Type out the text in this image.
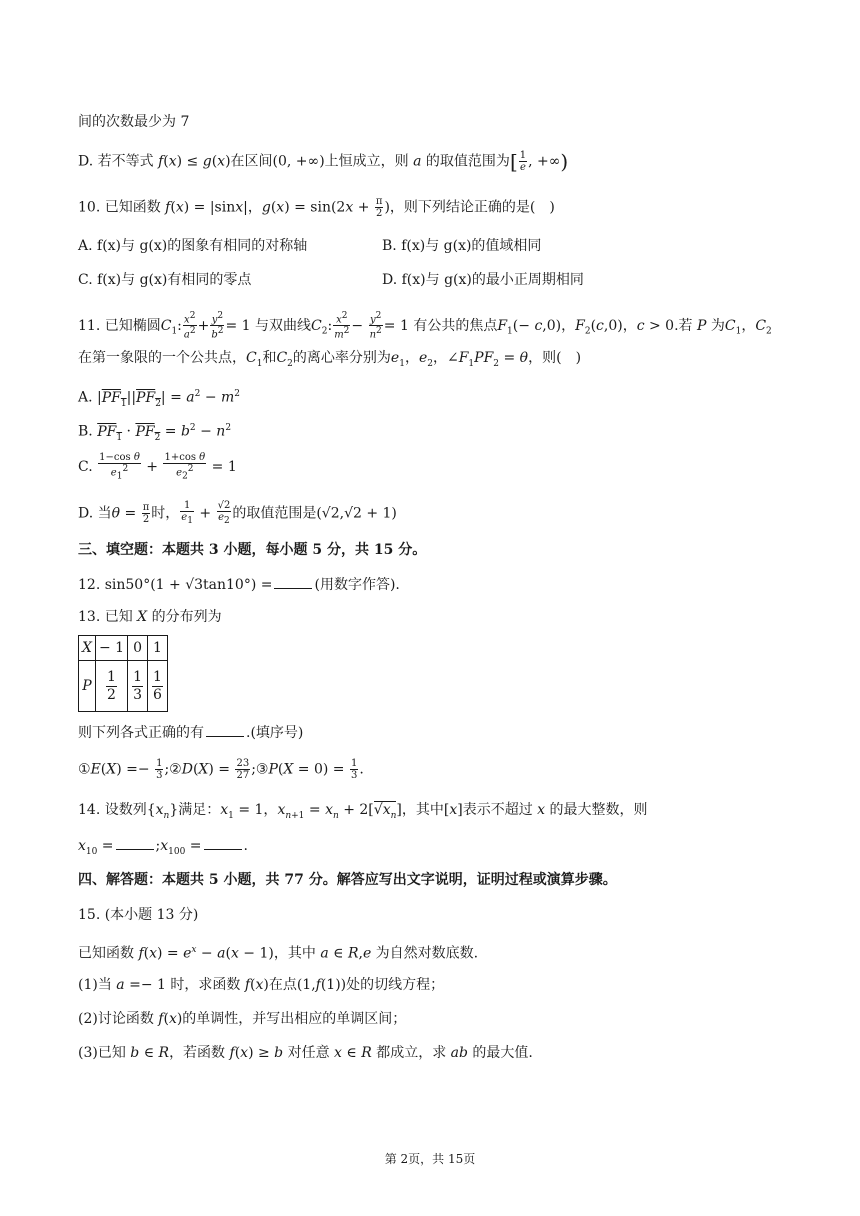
间的次数最少为 7
D. 若不等式 f(x) ≤ g(x)在区间(0, +∞)上恒成立，则 a 的取值范围为[ $\frac{1}{e}$ , +∞)
10. 已知函数 f(x) = |sinx|，$g(x) = \sin(2x + \frac{\pi}{2}$ )，则下列结论正确的是(　)
A. f(x)与 g(x)的图象有相同的对称轴	B. f(x)与 g(x)的值域相同
C. f(x)与 g(x)有相同的零点	D. f(x)与 g(x)的最小正周期相同
11. 已知椭圆$C_1$: $\frac{x^2}{a^2} + \frac{y^2}{b^2} = 1$ 与双曲线$C_2$: $\frac{x^2}{m^2} - \frac{y^2}{n^2} = 1$ 有公共的焦点$F_1(- c,0)$，$F_2(c,0)$，c > 0.若 P 为$C_1$，$C_2$
在第一象限的一个公共点，$C_1$和$C_2$的离心率分别为$e_1$，$e_2$，$\angle F_1PF_2 = \theta$，则(　)
A. $|PF_1||PF_2| = a^2 - m^2$
B. $PF_1 \cdot PF_2 = b^2 - n^2$
C. $\frac{\text{1−cos θ}}{e_1^2} + \frac{\text{1+cos θ}}{e_2^2} = 1$
D. 当$\theta = \frac{\pi}{2}$ 时， $\frac{1}{e_1} + \frac{√2}{e_2}$ 的取值范围是(√2,√2 + 1)
三、填空题：本题共 3 小题，每小题 5 分，共 15 分。
12. sin50°(1 + √3tan10°) =	(用数字作答).
13. 已知 X 的分布列为
X	− 1	0	1
P	$\frac{1}{2}$	$\frac{1}{3}$	$\frac{1}{6}$
则下列各式正确的有	.(填序号)
①E(X) =− $\frac{1}{3}$ ;②D(X) = $\frac{23}{27}$ ;③P(X = $0) = \frac{1}{3}$ .
14. 设数列$\{x_n\}$满足：$x_1 = 1$，$x_{n+1} = x_n + 2[√x_n]$，其中[x]表示不超过 x 的最大整数，则
$x_{10}$ =	$;x_{100}$ =	.
四、解答题：本题共 5 小题，共 77 分。解答应写出文字说明，证明过程或演算步骤。
15. (本小题 13 分)
已知函数 $f(x) = e^x - a(x - 1)$，其中 a ∈ R,e 为自然对数底数.
(1)当 a =− 1 时，求函数 f(x)在点(1,f(1))处的切线方程；
(2)讨论函数 f(x)的单调性，并写出相应的单调区间；
(3)已知 b ∈ R，若函数 f(x) ≥ b 对任意 x ∈ R 都成立，求 ab 的最大值.
第 2页，共 15页
